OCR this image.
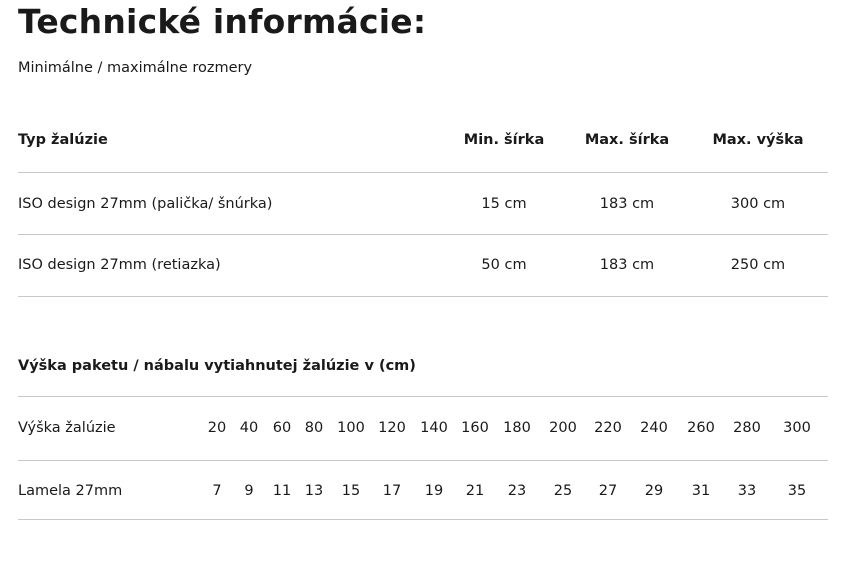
Technické informácie:
Minimálne / maximálne rozmery
Typ žalúzie	Min. šírka	Max. šírka	Max. výška
ISO design 27mm (palička/ šnúrka)	15 cm	183 cm	300 cm
ISO design 27mm (retiazka)	50 cm	183 cm	250 cm
Výška paketu / nábalu vytiahnutej žalúzie v (cm)
Výška žalúzie	20 40 60 80 100 120 140 160 180 200 220 240 260 280 300
Lamela 27mm	7 9 11 13 15 17 19 21 23 25 27 29 31 33 35
